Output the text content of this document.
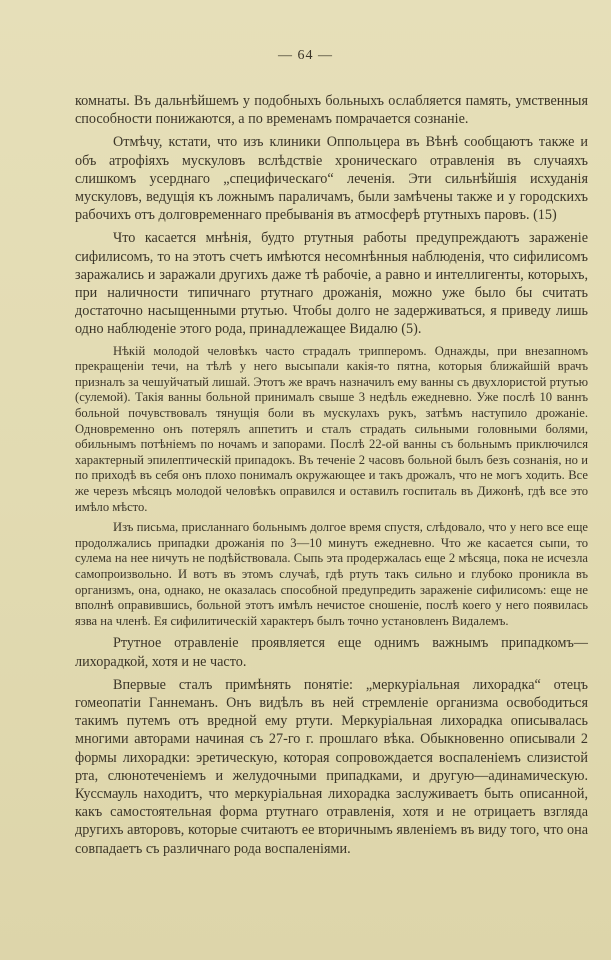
— 64 —

комнаты. Въ дальнѣйшемъ у подобныхъ больныхъ ослабляется память, умственныя способности понижаются, а по временамъ помрачается сознаніе.

Отмѣчу, кстати, что изъ клиники Оппольцера въ Вѣнѣ сообщаютъ также и объ атрофіяхъ мускуловъ вслѣдствіе хроническаго отравленія въ случаяхъ слишкомъ усерднаго „специфическаго“ леченія. Эти сильнѣйшія исхуданія мускуловъ, ведущія къ ложнымъ параличамъ, были замѣчены также и у городскихъ рабочихъ отъ долговременнаго пребыванія въ атмосферѣ ртутныхъ паровъ. (15)

Что касается мнѣнія, будто ртутныя работы предупреждаютъ зараженіе сифилисомъ, то на этотъ счетъ имѣются несомнѣнныя наблюденія, что сифилисомъ заражались и заражали другихъ даже тѣ рабочіе, а равно и интеллигенты, которыхъ, при наличности типичнаго ртутнаго дрожанія, можно уже было бы считать достаточно насыщенными ртутью. Чтобы долго не задерживаться, я приведу лишь одно наблюденіе этого рода, принадлежащее Видалю (5).

Нѣкій молодой человѣкъ часто страдалъ трипперомъ. Однажды, при внезапномъ прекращеніи течи, на тѣлѣ у него высыпали какія-то пятна, которыя ближайшій врачъ призналъ за чешуйчатый лишай. Этотъ же врачъ назначилъ ему ванны съ двухлористой ртутью (сулемой). Такія ванны больной принималъ свыше 3 недѣль ежедневно. Уже послѣ 10 ваннъ больной почувствовалъ тянущія боли въ мускулахъ рукъ, затѣмъ наступило дрожаніе. Одновременно онъ потерялъ аппетитъ и сталъ страдать сильными головными болями, обильнымъ потѣніемъ по ночамъ и запорами. Послѣ 22-ой ванны съ больнымъ приключился характерный эпилептическій припадокъ. Въ теченіе 2 часовъ больной былъ безъ сознанія, но и по приходѣ въ себя онъ плохо понималъ окружающее и такъ дрожалъ, что не могъ ходить. Все же черезъ мѣсяцъ молодой человѣкъ оправился и оставилъ госпиталь въ Дижонѣ, гдѣ все это имѣло мѣсто.

Изъ письма, присланнаго больнымъ долгое время спустя, слѣдовало, что у него все еще продолжались припадки дрожанія по 3—10 минутъ ежедневно. Что же касается сыпи, то сулема на нее ничуть не подѣйствовала. Сыпь эта продержалась еще 2 мѣсяца, пока не исчезла самопроизвольно. И вотъ въ этомъ случаѣ, гдѣ ртуть такъ сильно и глубоко проникла въ организмъ, она, однако, не оказалась способной предупредить зараженіе сифилисомъ: еще не вполнѣ оправившись, больной этотъ имѣлъ нечистое сношеніе, послѣ коего у него появилась язва на членѣ. Ея сифилитическій характеръ былъ точно установленъ Видалемъ.

Ртутное отравленіе проявляется еще однимъ важнымъ припадкомъ— лихорадкой, хотя и не часто.

Впервые сталъ примѣнять понятіе: „меркуріальная лихорадка“ отецъ гомеопатіи Ганнеманъ. Онъ видѣлъ въ ней стремленіе организма освободиться такимъ путемъ отъ вредной ему ртути. Меркуріальная лихорадка описывалась многими авторами начиная съ 27-го г. прошлаго вѣка. Обыкновенно описывали 2 формы лихорадки: эретическую, которая сопровождается воспаленіемъ слизистой рта, слюнотеченіемъ и желудочными припадками, и другую—адинамическую. Куссмауль находитъ, что меркуріальная лихорадка заслуживаетъ быть описанной, какъ самостоятельная форма ртутнаго отравленія, хотя и не отрицаетъ взгляда другихъ авторовъ, которые считаютъ ее вторичнымъ явленіемъ въ виду того, что она совпадаетъ съ различнаго рода воспаленіями.
